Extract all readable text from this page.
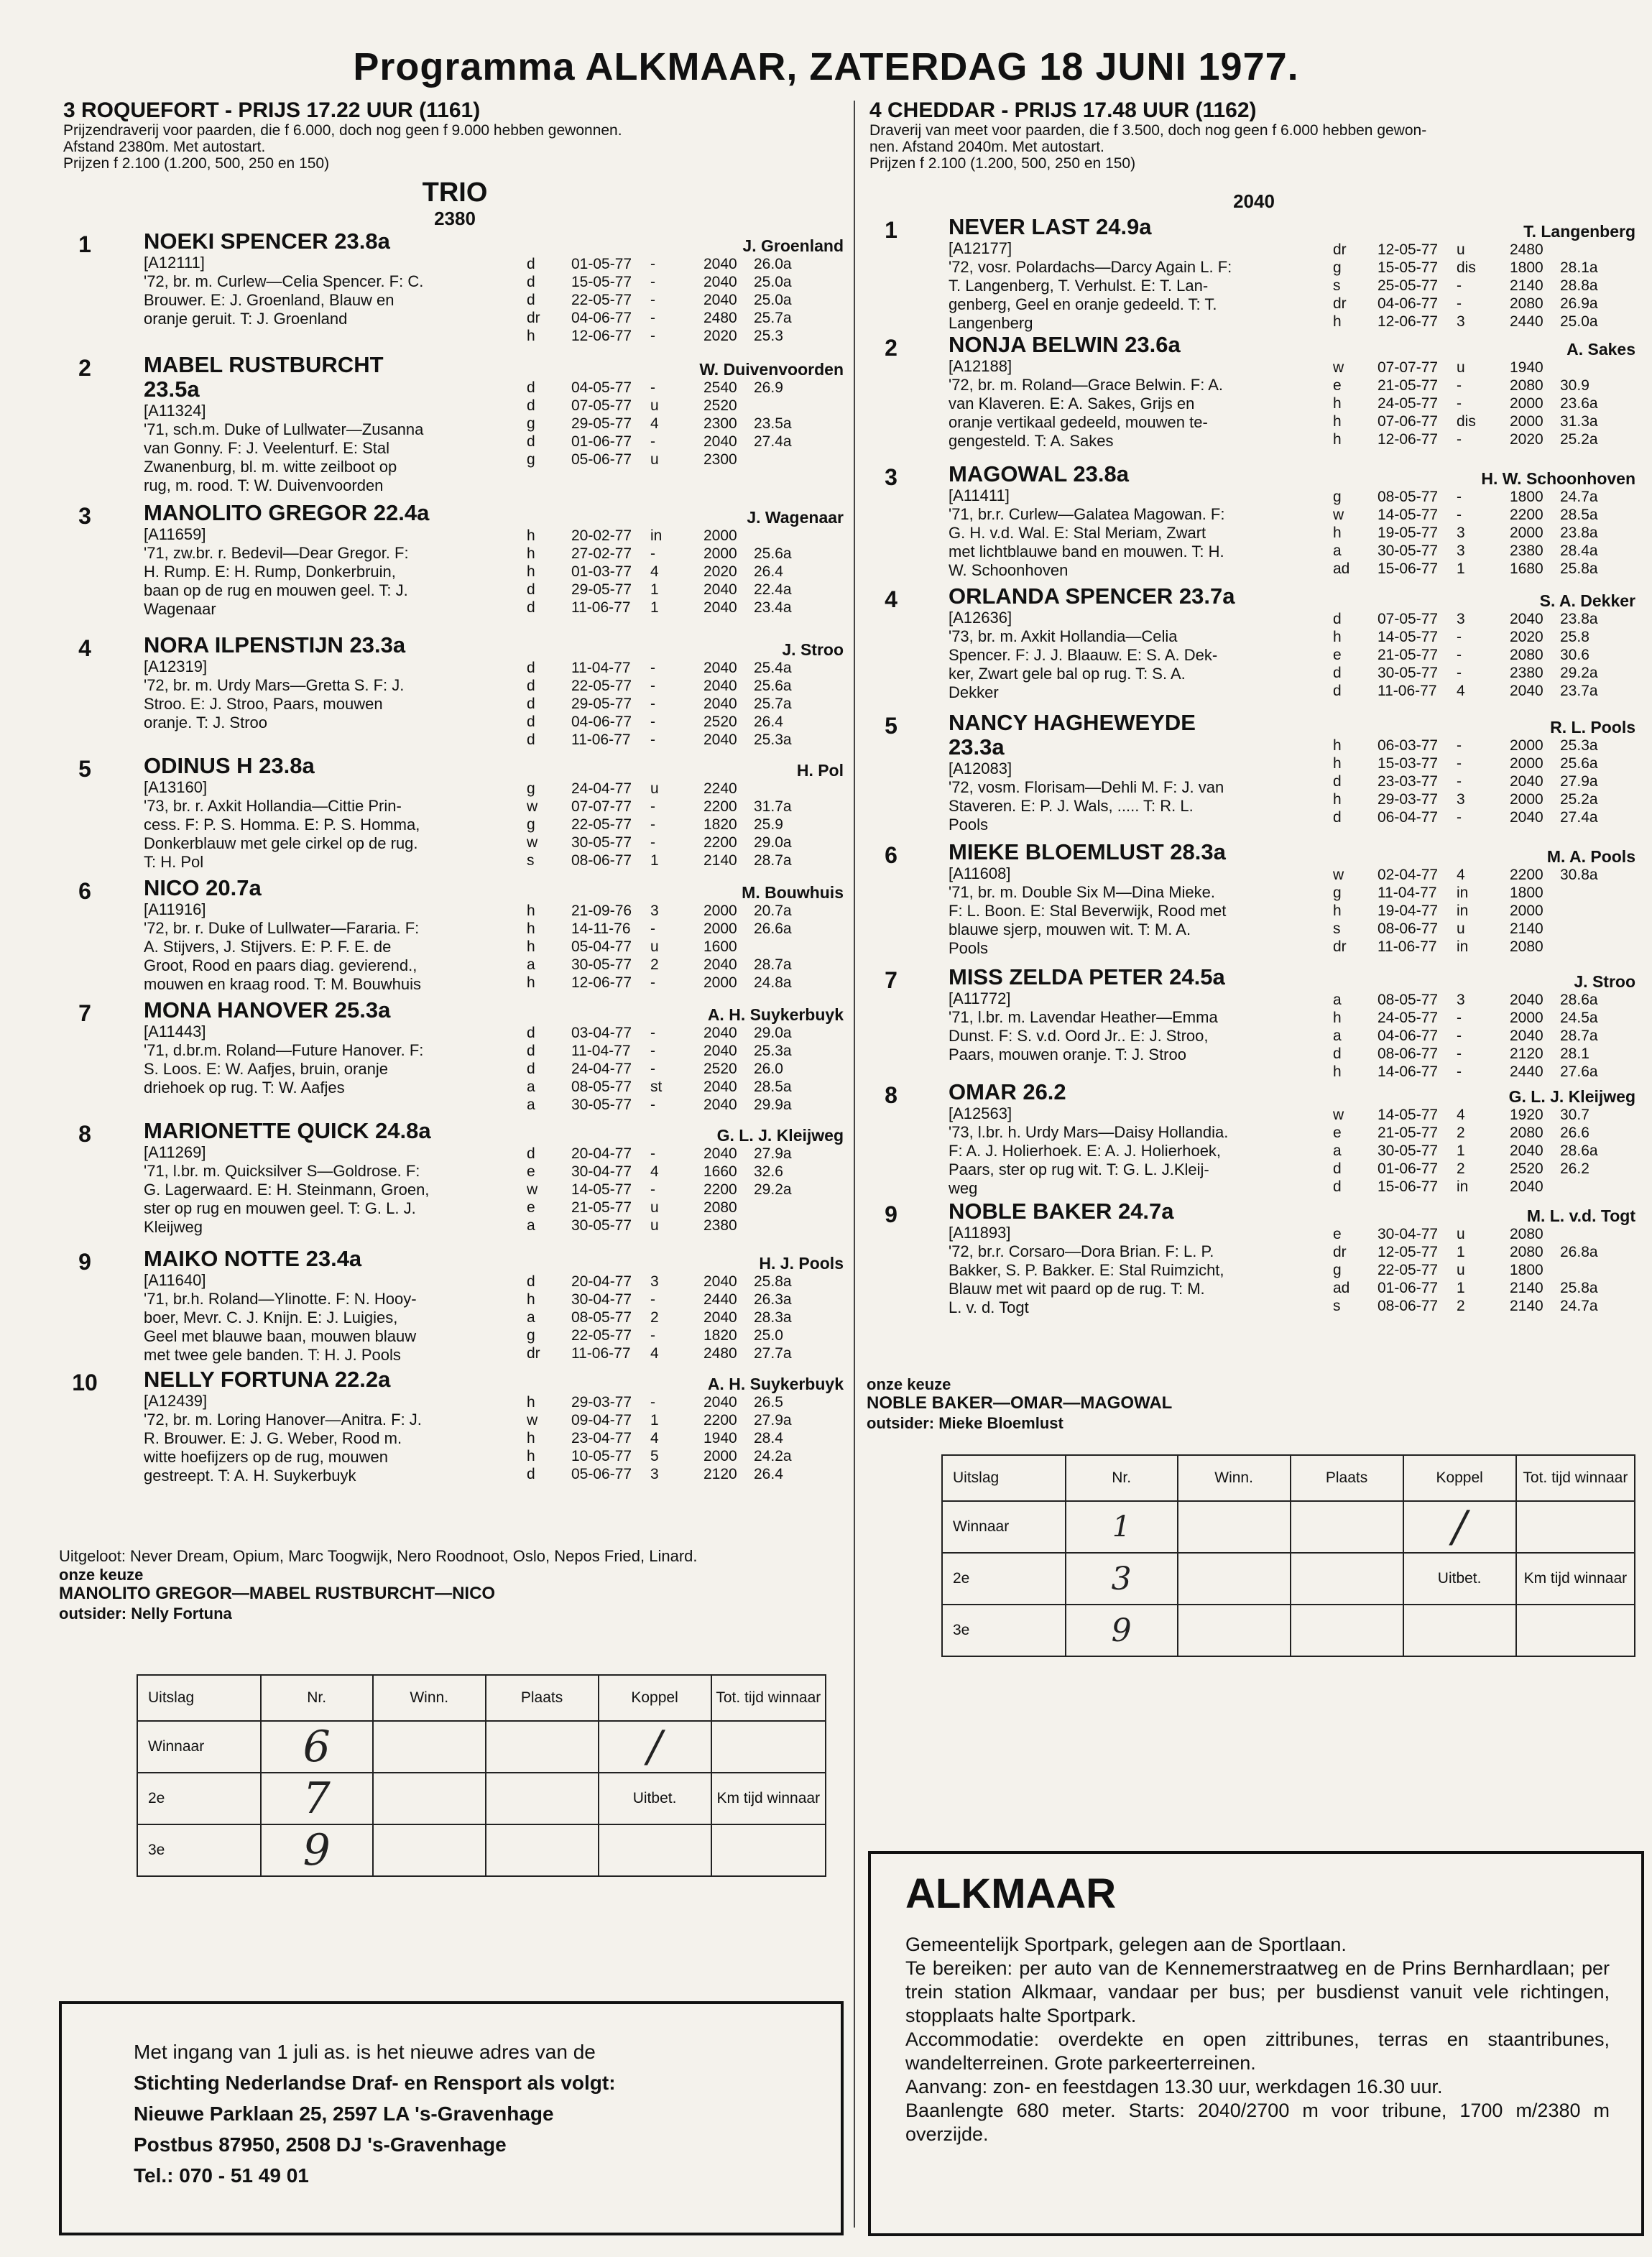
Programma ALKMAAR, ZATERDAG 18 JUNI 1977.
3 ROQUEFORT - PRIJS 17.22 UUR (1161)
Prijzendraverij voor paarden, die f 6.000, doch nog geen f 9.000 hebben gewonnen.
Afstand 2380m. Met autostart.
Prijzen f 2.100 (1.200, 500, 250 en 150)
TRIO
2380
1	J. Groenland
NOEKI SPENCER 23.8a
[A12111]
'72, br. m. Curlew—Celia Spencer. F: C.
Brouwer. E: J. Groenland, Blauw en
oranje geruit. T: J. Groenland
d	01-05-77	-	2040	26.0a
d	15-05-77	-	2040	25.0a
d	22-05-77	-	2040	25.0a
dr	04-06-77	-	2480	25.7a
h	12-06-77	-	2020	25.3
2	W. Duivenvoorden
MABEL RUSTBURCHT
23.5a
[A11324]
'71, sch.m. Duke of Lullwater—Zusanna
van Gonny. F: J. Veelenturf. E: Stal
Zwanenburg, bl. m. witte zeilboot op
rug, m. rood. T: W. Duivenvoorden
d	04-05-77	-	2540	26.9
d	07-05-77	u	2520
g	29-05-77	4	2300	23.5a
d	01-06-77	-	2040	27.4a
g	05-06-77	u	2300
3	J. Wagenaar
MANOLITO GREGOR 22.4a
[A11659]
'71, zw.br. r. Bedevil—Dear Gregor. F:
H. Rump. E: H. Rump, Donkerbruin,
baan op de rug en mouwen geel. T: J.
Wagenaar
h	20-02-77	in	2000
h	27-02-77	-	2000	25.6a
h	01-03-77	4	2020	26.4
d	29-05-77	1	2040	22.4a
d	11-06-77	1	2040	23.4a
4	J. Stroo
NORA ILPENSTIJN 23.3a
[A12319]
'72, br. m. Urdy Mars—Gretta S. F: J.
Stroo. E: J. Stroo, Paars, mouwen
oranje. T: J. Stroo
d	11-04-77	-	2040	25.4a
d	22-05-77	-	2040	25.6a
d	29-05-77	-	2040	25.7a
d	04-06-77	-	2520	26.4
d	11-06-77	-	2040	25.3a
5	H. Pol
ODINUS H 23.8a
[A13160]
'73, br. r. Axkit Hollandia—Cittie Prin-
cess. F: P. S. Homma. E: P. S. Homma,
Donkerblauw met gele cirkel op de rug.
T: H. Pol
g	24-04-77	u	2240
w	07-07-77	-	2200	31.7a
g	22-05-77	-	1820	25.9
w	30-05-77	-	2200	29.0a
s	08-06-77	1	2140	28.7a
6	M. Bouwhuis
NICO 20.7a
[A11916]
'72, br. r. Duke of Lullwater—Fararia. F:
A. Stijvers, J. Stijvers. E: P. F. E. de
Groot, Rood en paars diag. gevierend.,
mouwen en kraag rood. T: M. Bouwhuis
h	21-09-76	3	2000	20.7a
h	14-11-76	-	2000	26.6a
h	05-04-77	u	1600
a	30-05-77	2	2040	28.7a
h	12-06-77	-	2000	24.8a
7	A. H. Suykerbuyk
MONA HANOVER 25.3a
[A11443]
'71, d.br.m. Roland—Future Hanover. F:
S. Loos. E: W. Aafjes, bruin, oranje
driehoek op rug. T: W. Aafjes
d	03-04-77	-	2040	29.0a
d	11-04-77	-	2040	25.3a
d	24-04-77	-	2520	26.0
a	08-05-77	st	2040	28.5a
a	30-05-77	-	2040	29.9a
8	G. L. J. Kleijweg
MARIONETTE QUICK 24.8a
[A11269]
'71, l.br. m. Quicksilver S—Goldrose. F:
G. Lagerwaard. E: H. Steinmann, Groen,
ster op rug en mouwen geel. T: G. L. J.
Kleijweg
d	20-04-77	-	2040	27.9a
e	30-04-77	4	1660	32.6
w	14-05-77	-	2200	29.2a
e	21-05-77	u	2080
a	30-05-77	u	2380
9	H. J. Pools
MAIKO NOTTE 23.4a
[A11640]
'71, br.h. Roland—Ylinotte. F: N. Hooy-
boer, Mevr. C. J. Knijn. E: J. Luigies,
Geel met blauwe baan, mouwen blauw
met twee gele banden. T: H. J. Pools
d	20-04-77	3	2040	25.8a
h	30-04-77	-	2440	26.3a
a	08-05-77	2	2040	28.3a
g	22-05-77	-	1820	25.0
dr	11-06-77	4	2480	27.7a
10	A. H. Suykerbuyk
NELLY FORTUNA 22.2a
[A12439]
'72, br. m. Loring Hanover—Anitra. F: J.
R. Brouwer. E: J. G. Weber, Rood m.
witte hoefijzers op de rug, mouwen
gestreept. T: A. H. Suykerbuyk
h	29-03-77	-	2040	26.5
w	09-04-77	1	2200	27.9a
h	23-04-77	4	1940	28.4
h	10-05-77	5	2000	24.2a
d	05-06-77	3	2120	26.4
4 CHEDDAR - PRIJS 17.48 UUR (1162)
Draverij van meet voor paarden, die f 3.500, doch nog geen f 6.000 hebben gewon-
nen. Afstand 2040m. Met autostart.
Prijzen f 2.100 (1.200, 500, 250 en 150)
2040
1	T. Langenberg
NEVER LAST 24.9a
[A12177]
'72, vosr. Polardachs—Darcy Again L. F:
T. Langenberg, T. Verhulst. E: T. Lan-
genberg, Geel en oranje gedeeld. T: T.
Langenberg
dr	12-05-77	u	2480
g	15-05-77	dis	1800	28.1a
s	25-05-77	-	2140	28.8a
dr	04-06-77	-	2080	26.9a
h	12-06-77	3	2440	25.0a
2	A. Sakes
NONJA BELWIN 23.6a
[A12188]
'72, br. m. Roland—Grace Belwin. F: A.
van Klaveren. E: A. Sakes, Grijs en
oranje vertikaal gedeeld, mouwen te-
gengesteld. T: A. Sakes
w	07-07-77	u	1940
e	21-05-77	-	2080	30.9
h	24-05-77	-	2000	23.6a
h	07-06-77	dis	2000	31.3a
h	12-06-77	-	2020	25.2a
3	H. W. Schoonhoven
MAGOWAL 23.8a
[A11411]
'71, br.r. Curlew—Galatea Magowan. F:
G. H. v.d. Wal. E: Stal Meriam, Zwart
met lichtblauwe band en mouwen. T: H.
W. Schoonhoven
g	08-05-77	-	1800	24.7a
w	14-05-77	-	2200	28.5a
h	19-05-77	3	2000	23.8a
a	30-05-77	3	2380	28.4a
ad	15-06-77	1	1680	25.8a
4	S. A. Dekker
ORLANDA SPENCER 23.7a
[A12636]
'73, br. m. Axkit Hollandia—Celia
Spencer. F: J. J. Blaauw. E: S. A. Dek-
ker, Zwart gele bal op rug. T: S. A.
Dekker
d	07-05-77	3	2040	23.8a
h	14-05-77	-	2020	25.8
e	21-05-77	-	2080	30.6
d	30-05-77	-	2380	29.2a
d	11-06-77	4	2040	23.7a
5	R. L. Pools
NANCY HAGHEWEYDE
23.3a
[A12083]
'72, vosm. Florisam—Dehli M. F: J. van
Staveren. E: P. J. Wals, ..... T: R. L.
Pools
h	06-03-77	-	2000	25.3a
h	15-03-77	-	2000	25.6a
d	23-03-77	-	2040	27.9a
h	29-03-77	3	2000	25.2a
d	06-04-77	-	2040	27.4a
6	M. A. Pools
MIEKE BLOEMLUST 28.3a
[A11608]
'71, br. m. Double Six M—Dina Mieke.
F: L. Boon. E: Stal Beverwijk, Rood met
blauwe sjerp, mouwen wit. T: M. A.
Pools
w	02-04-77	4	2200	30.8a
g	11-04-77	in	1800
h	19-04-77	in	2000
s	08-06-77	u	2140
dr	11-06-77	in	2080
7	J. Stroo
MISS ZELDA PETER 24.5a
[A11772]
'71, l.br. m. Lavendar Heather—Emma
Dunst. F: S. v.d. Oord Jr.. E: J. Stroo,
Paars, mouwen oranje. T: J. Stroo
a	08-05-77	3	2040	28.6a
h	24-05-77	-	2000	24.5a
a	04-06-77	-	2040	28.7a
d	08-06-77	-	2120	28.1
h	14-06-77	-	2440	27.6a
8	G. L. J. Kleijweg
OMAR 26.2
[A12563]
'73, l.br. h. Urdy Mars—Daisy Hollandia.
F: A. J. Holierhoek. E: A. J. Holierhoek,
Paars, ster op rug wit. T: G. L. J.Kleij-
weg
w	14-05-77	4	1920	30.7
e	21-05-77	2	2080	26.6
a	30-05-77	1	2040	28.6a
d	01-06-77	2	2520	26.2
d	15-06-77	in	2040
9	M. L. v.d. Togt
NOBLE BAKER 24.7a
[A11893]
'72, br.r. Corsaro—Dora Brian. F: L. P.
Bakker, S. P. Bakker. E: Stal Ruimzicht,
Blauw met wit paard op de rug. T: M.
L. v. d. Togt
e	30-04-77	u	2080
dr	12-05-77	1	2080	26.8a
g	22-05-77	u	1800
ad	01-06-77	1	2140	25.8a
s	08-06-77	2	2140	24.7a
Uitgeloot: Never Dream, Opium, Marc Toogwijk, Nero Roodnoot, Oslo, Nepos Fried, Linard.
onze keuze
MANOLITO GREGOR—MABEL RUSTBURCHT—NICO
outsider: Nelly Fortuna
Uitslag	Nr.	Winn.	Plaats	Koppel	Tot. tijd winnaar
Winnaar	6			/	
2e	7			Uitbet.	Km tijd winnaar
3e	9				
onze keuze
NOBLE BAKER—OMAR—MAGOWAL
outsider: Mieke Bloemlust
Uitslag	Nr.	Winn.	Plaats	Koppel	Tot. tijd winnaar
Winnaar	1			/	
2e	3			Uitbet.	Km tijd winnaar
3e	9				
Met ingang van 1 juli as. is het nieuwe adres van de
Stichting Nederlandse Draf- en Rensport als volgt:
Nieuwe Parklaan 25, 2597 LA 's-Gravenhage
Postbus 87950, 2508 DJ 's-Gravenhage
Tel.: 070 - 51 49 01
ALKMAAR
Gemeentelijk Sportpark, gelegen aan de Sportlaan.
Te bereiken: per auto van de Kennemerstraatweg en de Prins Bernhardlaan; per trein station Alkmaar, vandaar per bus; per busdienst vanuit vele richtingen, stopplaats halte Sportpark.
Accommodatie: overdekte en open zittribunes, terras en staantribunes, wandelterreinen. Grote parkeerterreinen.
Aanvang: zon- en feestdagen 13.30 uur, werkdagen 16.30 uur.
Baanlengte 680 meter. Starts: 2040/2700 m voor tribune, 1700 m/2380 m overzijde.
